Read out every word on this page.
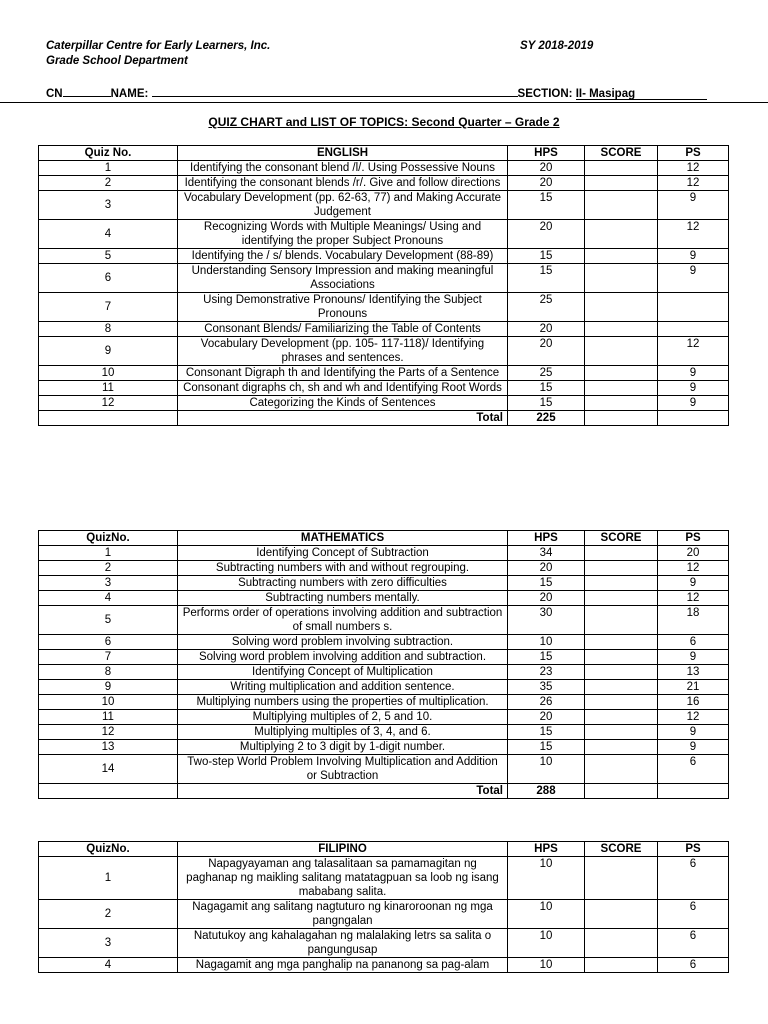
Caterpillar Centre for Early Learners, Inc.	SY 2018-2019
Grade School Department
CN	NAME:	SECTION: II- Masipag
QUIZ CHART and LIST OF TOPICS: Second Quarter – Grade 2
Quiz No.	ENGLISH	HPS	SCORE	PS
1	Identifying the consonant blend /l/. Using Possessive Nouns	20		12
2	Identifying the consonant blends /r/. Give and follow directions	20		12
3	Vocabulary Development (pp. 62-63, 77) and Making Accurate Judgement	15		9
4	Recognizing Words with Multiple Meanings/ Using and identifying the proper Subject Pronouns	20		12
5	Identifying the / s/ blends. Vocabulary Development (88-89)	15		9
6	Understanding Sensory Impression and making meaningful Associations	15		9
7	Using Demonstrative Pronouns/ Identifying the Subject Pronouns	25		
8	Consonant Blends/ Familiarizing the Table of Contents	20		
9	Vocabulary Development (pp. 105- 117-118)/ Identifying phrases and sentences.	20		12
10	Consonant Digraph th and Identifying the Parts of a Sentence	25		9
11	Consonant digraphs ch, sh and wh and Identifying Root Words	15		9
12	Categorizing the Kinds of Sentences	15		9
	Total	225		
QuizNo.	MATHEMATICS	HPS	SCORE	PS
1	Identifying Concept of Subtraction	34		20
2	Subtracting numbers with and without regrouping.	20		12
3	Subtracting numbers with zero difficulties	15		9
4	Subtracting numbers mentally.	20		12
5	Performs order of operations involving addition and subtraction of small numbers s.	30		18
6	Solving word problem involving subtraction.	10		6
7	Solving word problem involving addition and subtraction.	15		9
8	Identifying Concept of Multiplication	23		13
9	Writing multiplication and addition sentence.	35		21
10	Multiplying numbers using the properties of multiplication.	26		16
11	Multiplying multiples of 2, 5 and 10.	20		12
12	Multiplying multiples of 3, 4, and 6.	15		9
13	Multiplying 2 to 3 digit by 1-digit number.	15		9
14	Two-step World Problem Involving Multiplication and Addition or Subtraction	10		6
	Total	288		
QuizNo.	FILIPINO	HPS	SCORE	PS
1	Napagyayaman ang talasalitaan sa pamamagitan ng paghanap ng maikling salitang matatagpuan sa loob ng isang mababang salita.	10		6
2	Nagagamit ang salitang nagtuturo ng kinaroroonan ng mga pangngalan	10		6
3	Natutukoy ang kahalagahan ng malalaking letrs sa salita o pangungusap	10		6
4	Nagagamit ang mga panghalip na pananong sa pag-alam	10		6
